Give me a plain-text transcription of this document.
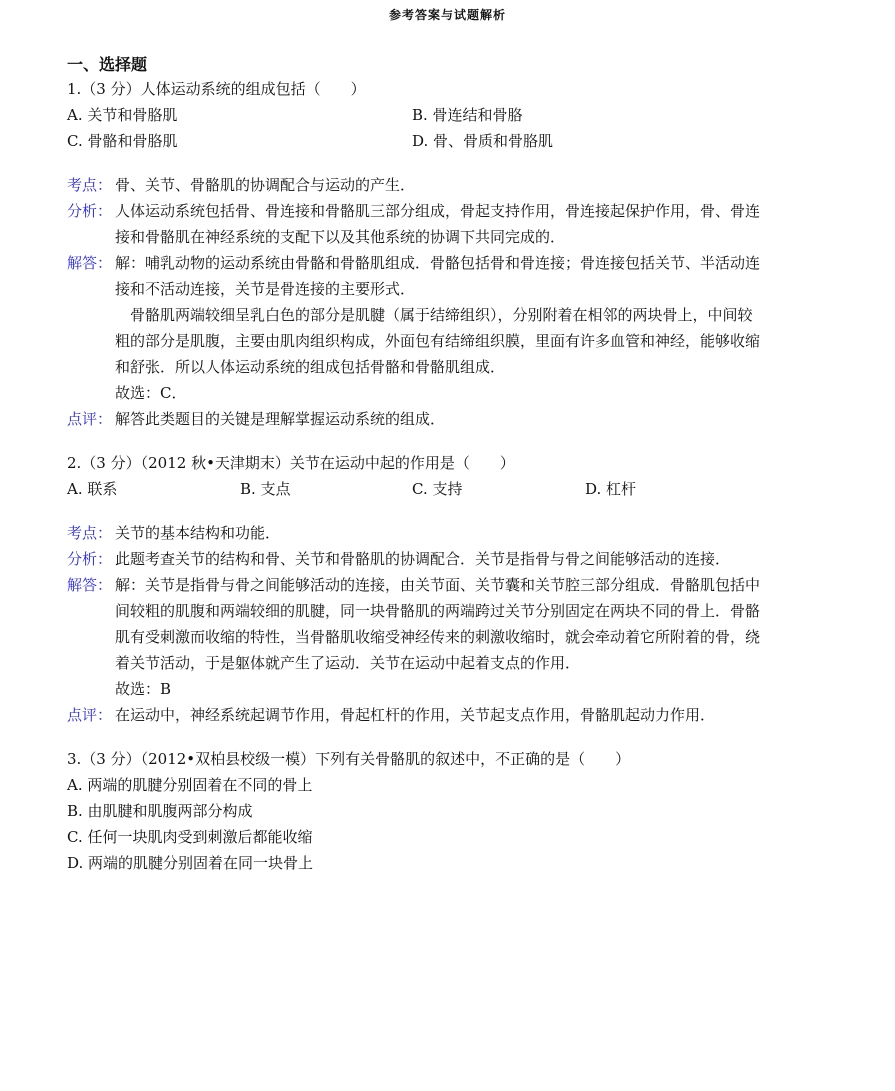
参考答案与试题解析
一、选择题
1.（3 分）人体运动系统的组成包括（　　）
A. 关节和骨胳肌	B. 骨连结和骨胳
C. 骨骼和骨胳肌	D. 骨、骨质和骨胳肌
考点： 骨、关节、骨骼肌的协调配合与运动的产生．
分析： 人体运动系统包括骨、骨连接和骨骼肌三部分组成，骨起支持作用，骨连接起保护作用，骨、骨连接和骨骼肌在神经系统的支配下以及其他系统的协调下共同完成的．
解答： 解：哺乳动物的运动系统由骨骼和骨骼肌组成．骨骼包括骨和骨连接；骨连接包括关节、半活动连接和不活动连接，关节是骨连接的主要形式．
骨骼肌两端较细呈乳白色的部分是肌腱（属于结缔组织），分别附着在相邻的两块骨上，中间较粗的部分是肌腹，主要由肌肉组织构成，外面包有结缔组织膜，里面有许多血管和神经，能够收缩和舒张．所以人体运动系统的组成包括骨骼和骨骼肌组成．
故选：C．
点评： 解答此类题目的关键是理解掌握运动系统的组成．
2.（3 分）（2012 秋•天津期末）关节在运动中起的作用是（　　）
A. 联系	B. 支点	C. 支持	D. 杠杆
考点： 关节的基本结构和功能．
分析： 此题考查关节的结构和骨、关节和骨骼肌的协调配合．关节是指骨与骨之间能够活动的连接．
解答： 解：关节是指骨与骨之间能够活动的连接，由关节面、关节囊和关节腔三部分组成．骨骼肌包括中间较粗的肌腹和两端较细的肌腱，同一块骨骼肌的两端跨过关节分别固定在两块不同的骨上．骨骼肌有受刺激而收缩的特性，当骨骼肌收缩受神经传来的刺激收缩时，就会牵动着它所附着的骨，绕着关节活动，于是躯体就产生了运动．关节在运动中起着支点的作用．
故选：B
点评： 在运动中，神经系统起调节作用，骨起杠杆的作用，关节起支点作用，骨骼肌起动力作用．
3.（3 分）（2012•双柏县校级一模）下列有关骨骼肌的叙述中，不正确的是（　　）
A. 两端的肌腱分别固着在不同的骨上
B. 由肌腱和肌腹两部分构成
C. 任何一块肌肉受到刺激后都能收缩
D. 两端的肌腱分别固着在同一块骨上
